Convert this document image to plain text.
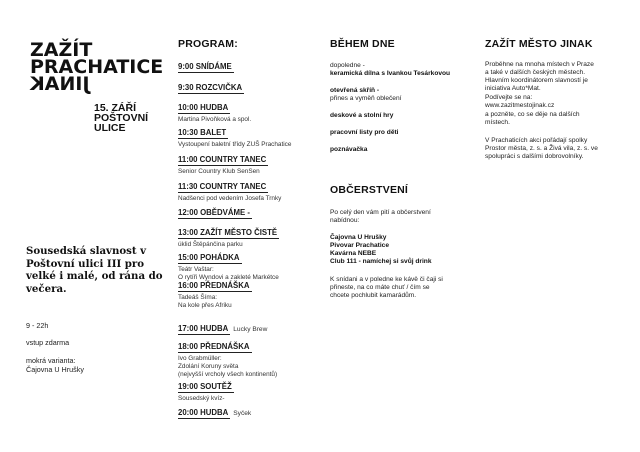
ZAŽÍT
PRACHATICE
JINAK
15. ZÁŘÍ
POŠTOVNÍ
ULICE
Sousedská slavnost v Poštovní ulici III pro velké i malé, od rána do večera.
9 - 22h
vstup zdarma
mokrá varianta:
Čajovna U Hrušky
PROGRAM:
9:00 SNÍDÁME
9:30 ROZCVIČKA
10:00 HUDBA
Martina Pivoňková a spol.
10:30 BALET
Vystoupení baletní třídy ZUŠ Prachatice
11:00 COUNTRY TANEC
Senior Country Klub SenSen
11:30 COUNTRY TANEC
Nadšenci pod vedením Josefa Trnky
12:00 OBĚDVÁME -
13:00 ZAŽÍT MĚSTO ČISTĚ
úklid Štěpánčina parku
15:00 POHÁDKA
Teátr Vaštar:
O rytíři Wyndovi a zakleté Markétce
16:00 PŘEDNÁŠKA
Tadeáš Šíma:
Na kole přes Afriku
17:00 HUDBA Lucky Brew
18:00 PŘEDNÁŠKA
Ivo Grabmüller:
Zdolání Koruny světa
(nejvyšší vrcholy všech kontinentů)
19:00 SOUTĚŽ
Sousedský kvíz-
20:00 HUDBA Syček
BĚHEM DNE
dopoledne -
keramická dílna s Ivankou Tesárkovou
otevřená skříň -
přines a vyměň oblečení
deskové a stolní hry
pracovní listy pro děti
poznávačka
OBČERSTVENÍ
Po celý den vám pití a občerstvení
nabídnou:
Čajovna U Hrušky
Pivovar Prachatice
Kavárna NEBE
Club 111 - namíchej si svůj drink
K snídani a v poledne ke kávě či čaji si
přineste, na co máte chuť / čím se
chcete pochlubit kamarádům.
ZAŽÍT MĚSTO JINAK
Proběhne na mnoha místech v Praze
a také v dalších českých městech.
Hlavním koordinátorem slavností je
iniciativa Auto*Mat.
Podívejte se na:
www.zazitmestojinak.cz
a pozněte, co se děje na dalších
místech.
V Prachaticích akci pořádají spolky
Prostor města, z. s. a Živá vila, z. s. ve
spolupráci s dalšími dobrovolníky.
